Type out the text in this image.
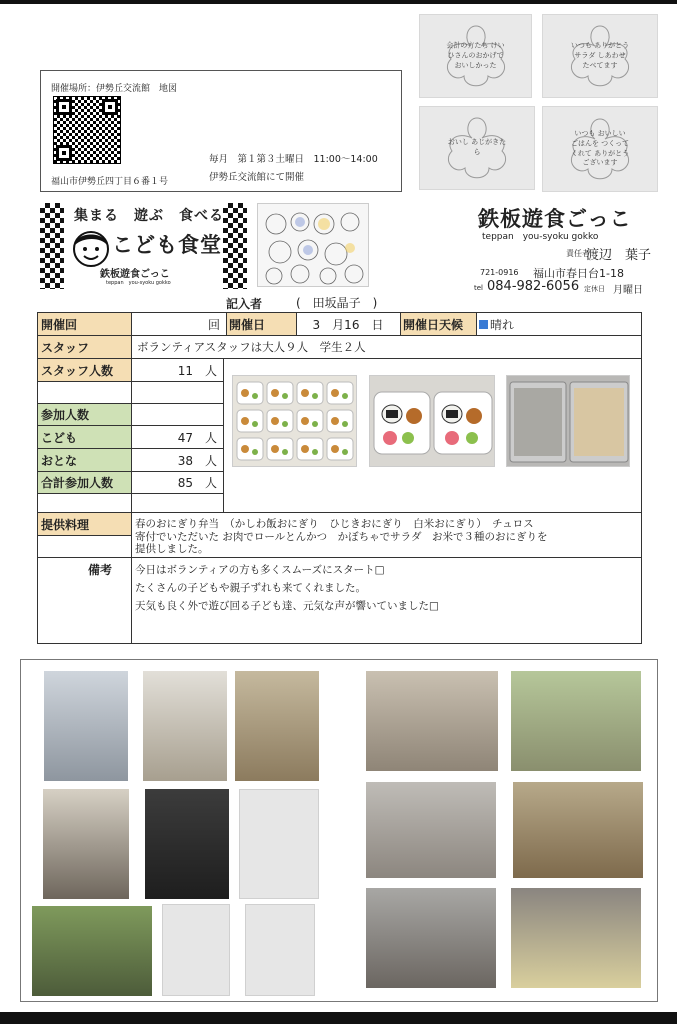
開催場所：伊勢丘交流館　地図
福山市伊勢丘四丁目６番１号
毎月　第１第３土曜日　11:00～14:00
伊勢丘交流館にて開催
会計の方たち けいひさんのおかげで おいしかった
いつも ありがとう サラダ しあわせ たべてます
おいし あじがきたら
いつも おいしい ごはんを つくってくれて ありがとうございます
集まる　遊ぶ　食べる
こども食堂
鉄板遊食ごっこ
teppan　you-syoku gokko
鉄板遊食ごっこ
teppan　you-syoku gokko
責任者
渡辺　葉子
721-0916 福山市春日台1-18
tel 084-982-6056 定休日 月曜日
記入者	(　田坂晶子　)
開催回	回 開催日	3　月16　日	開催日天候	晴れ
スタッフ	ボランティアスタッフは大人９人　学生２人
スタッフ人数	11　人
参加人数
こども	47　人
おとな	38　人
合計参加人数	85　人
提供料理	春のおにぎり弁当　（かしわ飯おにぎり　ひじきおにぎり　白米おにぎり）　チュロス
寄付でいただいた お肉でロールとんかつ　かぼちゃでサラダ　お米で３種のおにぎりを
提供しました。
備考	今日はボランティアの方も多くスムーズにスタート□
たくさんの子どもや親子ずれも来てくれました。
天気も良く外で遊び回る子ども達、元気な声が響いていました□
